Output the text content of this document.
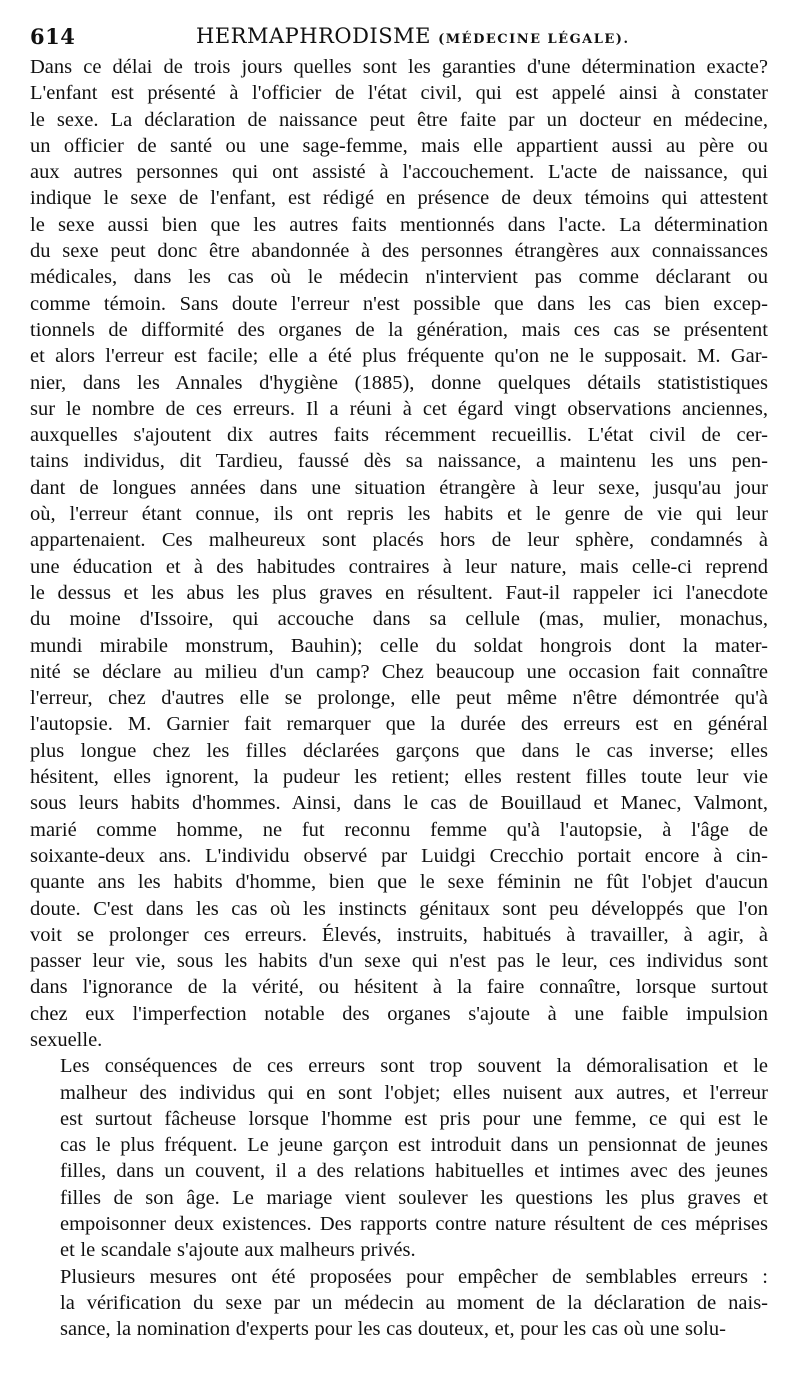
614	HERMAPHRODISME (MÉDECINE LÉGALE).
Dans ce délai de trois jours quelles sont les garanties d'une détermination exacte?
L'enfant est présenté à l'officier de l'état civil, qui est appelé ainsi à constater
le sexe. La déclaration de naissance peut être faite par un docteur en médecine,
un officier de santé ou une sage-femme, mais elle appartient aussi au père ou
aux autres personnes qui ont assisté à l'accouchement. L'acte de naissance, qui
indique le sexe de l'enfant, est rédigé en présence de deux témoins qui attestent
le sexe aussi bien que les autres faits mentionnés dans l'acte. La détermination
du sexe peut donc être abandonnée à des personnes étrangères aux connaissances
médicales, dans les cas où le médecin n'intervient pas comme déclarant ou
comme témoin. Sans doute l'erreur n'est possible que dans les cas bien excep-
tionnels de difformité des organes de la génération, mais ces cas se présentent
et alors l'erreur est facile; elle a été plus fréquente qu'on ne le supposait. M. Gar-
nier, dans les Annales d'hygiène (1885), donne quelques détails statististiques
sur le nombre de ces erreurs. Il a réuni à cet égard vingt observations anciennes,
auxquelles s'ajoutent dix autres faits récemment recueillis. L'état civil de cer-
tains individus, dit Tardieu, faussé dès sa naissance, a maintenu les uns pen-
dant de longues années dans une situation étrangère à leur sexe, jusqu'au jour
où, l'erreur étant connue, ils ont repris les habits et le genre de vie qui leur
appartenaient. Ces malheureux sont placés hors de leur sphère, condamnés à
une éducation et à des habitudes contraires à leur nature, mais celle-ci reprend
le dessus et les abus les plus graves en résultent. Faut-il rappeler ici l'anecdote
du moine d'Issoire, qui accouche dans sa cellule (mas, mulier, monachus,
mundi mirabile monstrum, Bauhin); celle du soldat hongrois dont la mater-
nité se déclare au milieu d'un camp? Chez beaucoup une occasion fait connaître
l'erreur, chez d'autres elle se prolonge, elle peut même n'être démontrée qu'à
l'autopsie. M. Garnier fait remarquer que la durée des erreurs est en général
plus longue chez les filles déclarées garçons que dans le cas inverse; elles
hésitent, elles ignorent, la pudeur les retient; elles restent filles toute leur vie
sous leurs habits d'hommes. Ainsi, dans le cas de Bouillaud et Manec, Valmont,
marié comme homme, ne fut reconnu femme qu'à l'autopsie, à l'âge de
soixante-deux ans. L'individu observé par Luidgi Crecchio portait encore à cin-
quante ans les habits d'homme, bien que le sexe féminin ne fût l'objet d'aucun
doute. C'est dans les cas où les instincts génitaux sont peu développés que l'on
voit se prolonger ces erreurs. Élevés, instruits, habitués à travailler, à agir, à
passer leur vie, sous les habits d'un sexe qui n'est pas le leur, ces individus sont
dans l'ignorance de la vérité, ou hésitent à la faire connaître, lorsque surtout
chez eux l'imperfection notable des organes s'ajoute à une faible impulsion
sexuelle.
Les conséquences de ces erreurs sont trop souvent la démoralisation et le
malheur des individus qui en sont l'objet; elles nuisent aux autres, et l'erreur
est surtout fâcheuse lorsque l'homme est pris pour une femme, ce qui est le
cas le plus fréquent. Le jeune garçon est introduit dans un pensionnat de jeunes
filles, dans un couvent, il a des relations habituelles et intimes avec des jeunes
filles de son âge. Le mariage vient soulever les questions les plus graves et
empoisonner deux existences. Des rapports contre nature résultent de ces méprises
et le scandale s'ajoute aux malheurs privés.
Plusieurs mesures ont été proposées pour empêcher de semblables erreurs :
la vérification du sexe par un médecin au moment de la déclaration de nais-
sance, la nomination d'experts pour les cas douteux, et, pour les cas où une solu-
